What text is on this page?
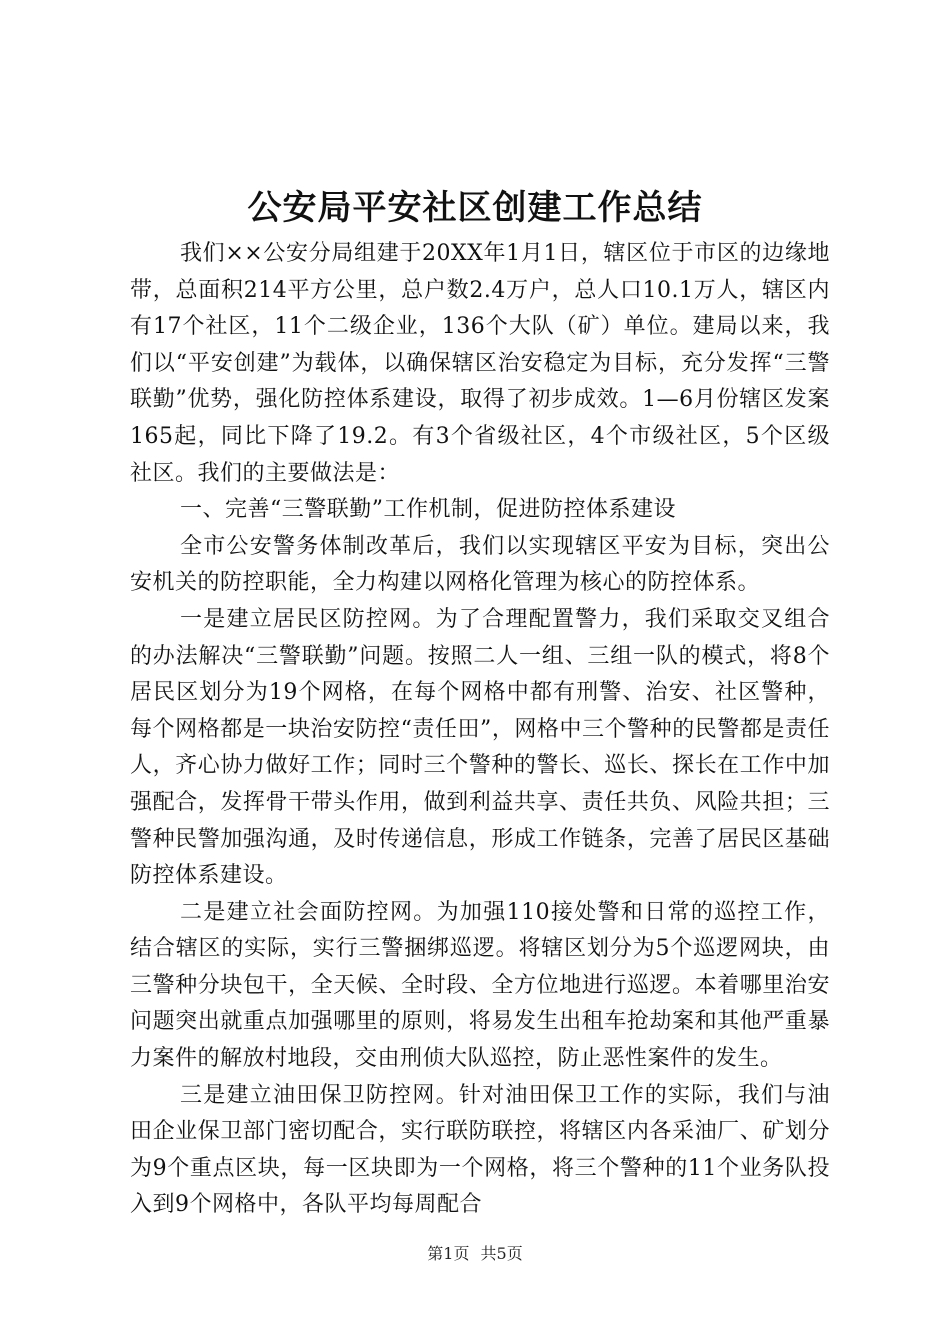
公安局平安社区创建工作总结

我们××公安分局组建于20XX年1月1日，辖区位于市区的边缘地带，总面积214平方公里，总户数2.4万户，总人口10.1万人，辖区内有17个社区，11个二级企业，136个大队（矿）单位。建局以来，我们以“平安创建”为载体，以确保辖区治安稳定为目标，充分发挥“三警联勤”优势，强化防控体系建设，取得了初步成效。1—6月份辖区发案165起，同比下降了19.2。有3个省级社区，4个市级社区，5个区级社区。我们的主要做法是：

一、完善“三警联勤”工作机制，促进防控体系建设

全市公安警务体制改革后，我们以实现辖区平安为目标，突出公安机关的防控职能，全力构建以网格化管理为核心的防控体系。

一是建立居民区防控网。为了合理配置警力，我们采取交叉组合的办法解决“三警联勤”问题。按照二人一组、三组一队的模式，将8个居民区划分为19个网格，在每个网格中都有刑警、治安、社区警种，每个网格都是一块治安防控“责任田”，网格中三个警种的民警都是责任人，齐心协力做好工作；同时三个警种的警长、巡长、探长在工作中加强配合，发挥骨干带头作用，做到利益共享、责任共负、风险共担；三警种民警加强沟通，及时传递信息，形成工作链条，完善了居民区基础防控体系建设。

二是建立社会面防控网。为加强110接处警和日常的巡控工作，结合辖区的实际，实行三警捆绑巡逻。将辖区划分为5个巡逻网块，由三警种分块包干，全天候、全时段、全方位地进行巡逻。本着哪里治安问题突出就重点加强哪里的原则，将易发生出租车抢劫案和其他严重暴力案件的解放村地段，交由刑侦大队巡控，防止恶性案件的发生。

三是建立油田保卫防控网。针对油田保卫工作的实际，我们与油田企业保卫部门密切配合，实行联防联控，将辖区内各采油厂、矿划分为9个重点区块，每一区块即为一个网格，将三个警种的11个业务队投入到9个网格中，各队平均每周配合

第1页 共5页
